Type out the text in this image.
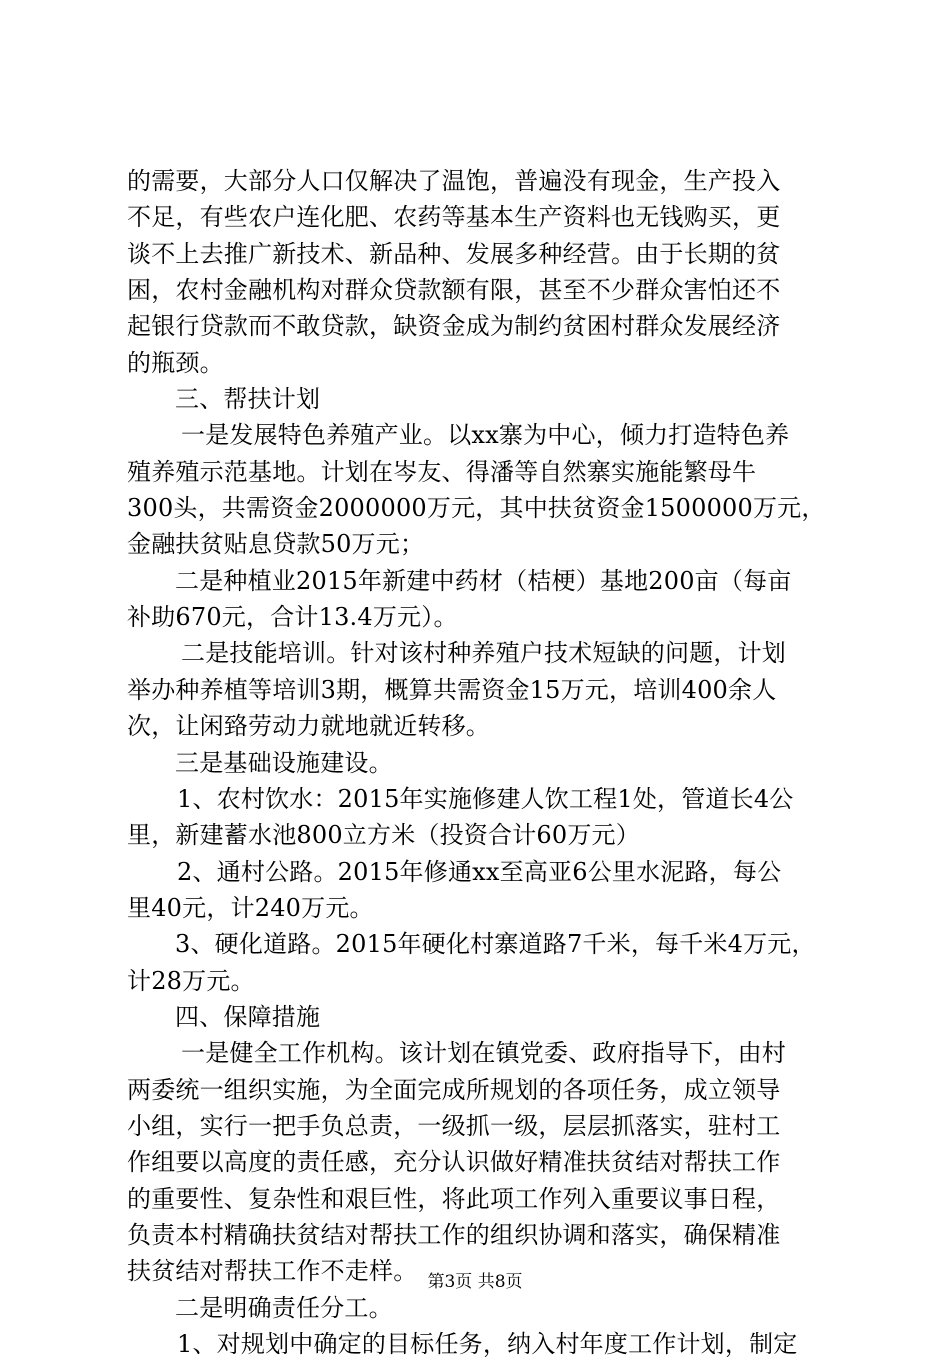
的需要，大部分人口仅解决了温饱，普遍没有现金，生产投入
不足，有些农户连化肥、农药等基本生产资料也无钱购买，更
谈不上去推广新技术、新品种、发展多种经营。由于长期的贫
困，农村金融机构对群众贷款额有限，甚至不少群众害怕还不
起银行贷款而不敢贷款，缺资金成为制约贫困村群众发展经济
的瓶颈。
三、帮扶计划
一是发展特色养殖产业。以xx寨为中心，倾力打造特色养
殖养殖示范基地。计划在岑友、得潘等自然寨实施能繁母牛
300头，共需资金2000000万元，其中扶贫资金1500000万元，
金融扶贫贴息贷款50万元；
二是种植业2015年新建中药材（桔梗）基地200亩（每亩
补助670元，合计13.4万元）。
二是技能培训。针对该村种养殖户技术短缺的问题，计划
举办种养植等培训3期，概算共需资金15万元，培训400余人
次，让闲臵劳动力就地就近转移。
三是基础设施建设。
1、农村饮水：2015年实施修建人饮工程1处，管道长4公
里，新建蓄水池800立方米（投资合计60万元）
2、通村公路。2015年修通xx至高亚6公里水泥路，每公
里40元，计240万元。
3、硬化道路。2015年硬化村寨道路7千米，每千米4万元，
计28万元。
四、保障措施
一是健全工作机构。该计划在镇党委、政府指导下，由村
两委统一组织实施，为全面完成所规划的各项任务，成立领导
小组，实行一把手负总责，一级抓一级，层层抓落实，驻村工
作组要以高度的责任感，充分认识做好精准扶贫结对帮扶工作
的重要性、复杂性和艰巨性，将此项工作列入重要议事日程，
负责本村精确扶贫结对帮扶工作的组织协调和落实，确保精准
扶贫结对帮扶工作不走样。
二是明确责任分工。
1、对规划中确定的目标任务，纳入村年度工作计划，制定
第3页 共8页
